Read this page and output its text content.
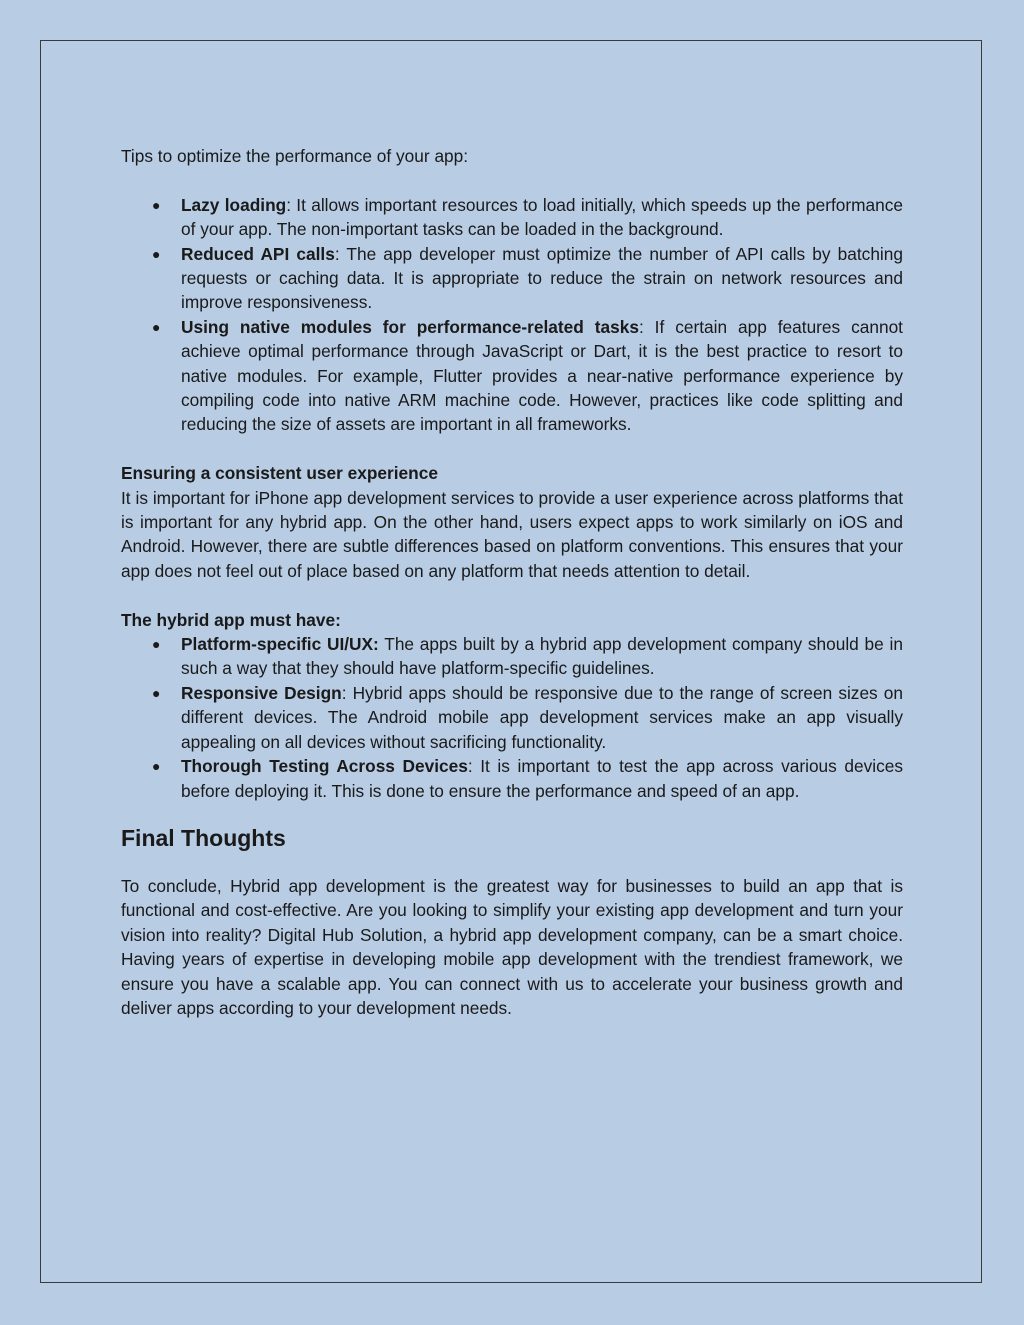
Tips to optimize the performance of your app:

● Lazy loading: It allows important resources to load initially, which speeds up the performance of your app. The non-important tasks can be loaded in the background.
● Reduced API calls: The app developer must optimize the number of API calls by batching requests or caching data. It is appropriate to reduce the strain on network resources and improve responsiveness.
● Using native modules for performance-related tasks: If certain app features cannot achieve optimal performance through JavaScript or Dart, it is the best practice to resort to native modules. For example, Flutter provides a near-native performance experience by compiling code into native ARM machine code. However, practices like code splitting and reducing the size of assets are important in all frameworks.

Ensuring a consistent user experience

It is important for iPhone app development services to provide a user experience across platforms that is important for any hybrid app. On the other hand, users expect apps to work similarly on iOS and Android. However, there are subtle differences based on platform conventions. This ensures that your app does not feel out of place based on any platform that needs attention to detail.

The hybrid app must have:

● Platform-specific UI/UX: The apps built by a hybrid app development company should be in such a way that they should have platform-specific guidelines.
● Responsive Design: Hybrid apps should be responsive due to the range of screen sizes on different devices. The Android mobile app development services make an app visually appealing on all devices without sacrificing functionality.
● Thorough Testing Across Devices: It is important to test the app across various devices before deploying it. This is done to ensure the performance and speed of an app.
Final Thoughts

To conclude, Hybrid app development is the greatest way for businesses to build an app that is functional and cost-effective. Are you looking to simplify your existing app development and turn your vision into reality? Digital Hub Solution, a hybrid app development company, can be a smart choice. Having years of expertise in developing mobile app development with the trendiest framework, we ensure you have a scalable app. You can connect with us to accelerate your business growth and deliver apps according to your development needs.
